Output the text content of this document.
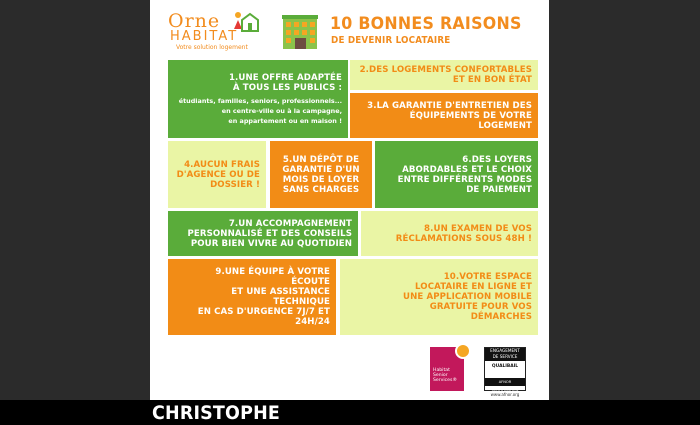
Orne
HABITAT
Votre solution logement
10 BONNES RAISONS
DE DEVENIR LOCATAIRE
1.UNE OFFRE ADAPTÉE
À TOUS LES PUBLICS :
étudiants, familles, seniors, professionnels...
en centre-ville ou à la campagne,
en appartement ou en maison !
2.DES LOGEMENTS CONFORTABLES
ET EN BON ÉTAT
3.LA GARANTIE D'ENTRETIEN DES
ÉQUIPEMENTS DE VOTRE LOGEMENT
4.AUCUN FRAIS
D'AGENCE OU DE
DOSSIER !
5.UN DÉPÔT DE
GARANTIE D'UN
MOIS DE LOYER
SANS CHARGES
6.DES LOYERS
ABORDABLES ET LE CHOIX
ENTRE DIFFÉRENTS MODES
DE PAIEMENT
7.UN ACCOMPAGNEMENT
PERSONNALISÉ ET DES CONSEILS
POUR BIEN VIVRE AU QUOTIDIEN
8.UN EXAMEN DE VOS
RÉCLAMATIONS SOUS 48H !
9.UNE ÉQUIPE À VOTRE
ÉCOUTE
ET UNE ASSISTANCE
TECHNIQUE
EN CAS D'URGENCE 7J/7 ET
24H/24
10.VOTRE ESPACE
LOCATAIRE EN LIGNE ET
UNE APPLICATION MOBILE
GRATUITE POUR VOS
DÉMARCHES
Habitat
Senior
Services®
ENGAGEMENT
DE SERVICE
QUALIBAIL
AFNOR CERTIFICATION
www.afnor.org
CHRISTOPHE
